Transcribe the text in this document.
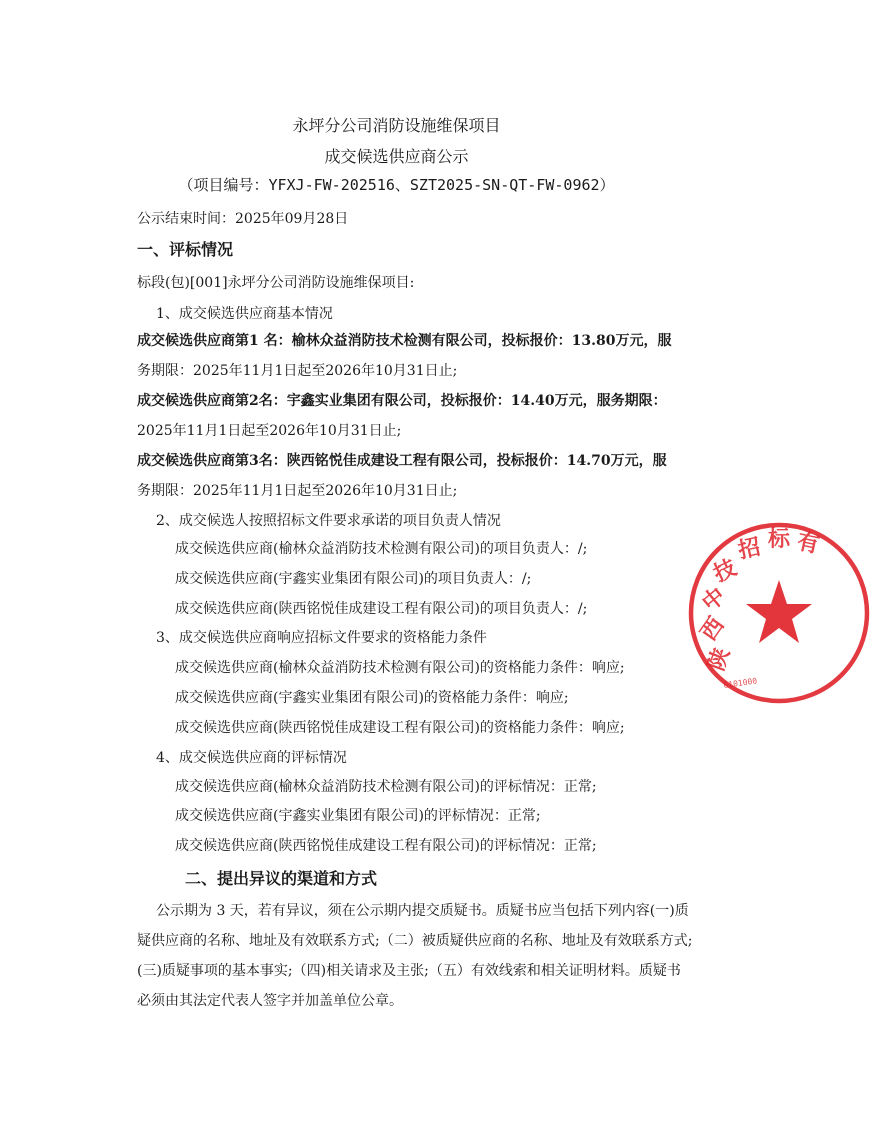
永坪分公司消防设施维保项目
成交候选供应商公示
（项目编号：YFXJ-FW-202516、SZT2025-SN-QT-FW-0962）
公示结束时间：2025年09月28日
一、评标情况
标段(包)[001]永坪分公司消防设施维保项目:
1、成交候选供应商基本情况
成交候选供应商第1 名：榆林众益消防技术检测有限公司，投标报价：13.80万元，服
务期限：2025年11月1日起至2026年10月31日止;
成交候选供应商第2名：宇鑫实业集团有限公司，投标报价：14.40万元，服务期限：
2025年11月1日起至2026年10月31日止;
成交候选供应商第3名：陕西铭悦佳成建设工程有限公司，投标报价：14.70万元，服
务期限：2025年11月1日起至2026年10月31日止;
2、成交候选人按照招标文件要求承诺的项目负责人情况
成交候选供应商(榆林众益消防技术检测有限公司)的项目负责人：/;
成交候选供应商(宇鑫实业集团有限公司)的项目负责人：/;
成交候选供应商(陕西铭悦佳成建设工程有限公司)的项目负责人：/;
3、成交候选供应商响应招标文件要求的资格能力条件
成交候选供应商(榆林众益消防技术检测有限公司)的资格能力条件：响应;
成交候选供应商(宇鑫实业集团有限公司)的资格能力条件：响应;
成交候选供应商(陕西铭悦佳成建设工程有限公司)的资格能力条件：响应;
4、成交候选供应商的评标情况
成交候选供应商(榆林众益消防技术检测有限公司)的评标情况：正常;
成交候选供应商(宇鑫实业集团有限公司)的评标情况：正常;
成交候选供应商(陕西铭悦佳成建设工程有限公司)的评标情况：正常;
二、提出异议的渠道和方式
公示期为 3 天，若有异议，须在公示期内提交质疑书。质疑书应当包括下列内容(一)质
疑供应商的名称、地址及有效联系方式;（二）被质疑供应商的名称、地址及有效联系方式;
(三)质疑事项的基本事实;（四)相关请求及主张;（五）有效线索和相关证明材料。质疑书
必须由其法定代表人签字并加盖单位公章。
陕
西
中
技
招 标 有
6101000
